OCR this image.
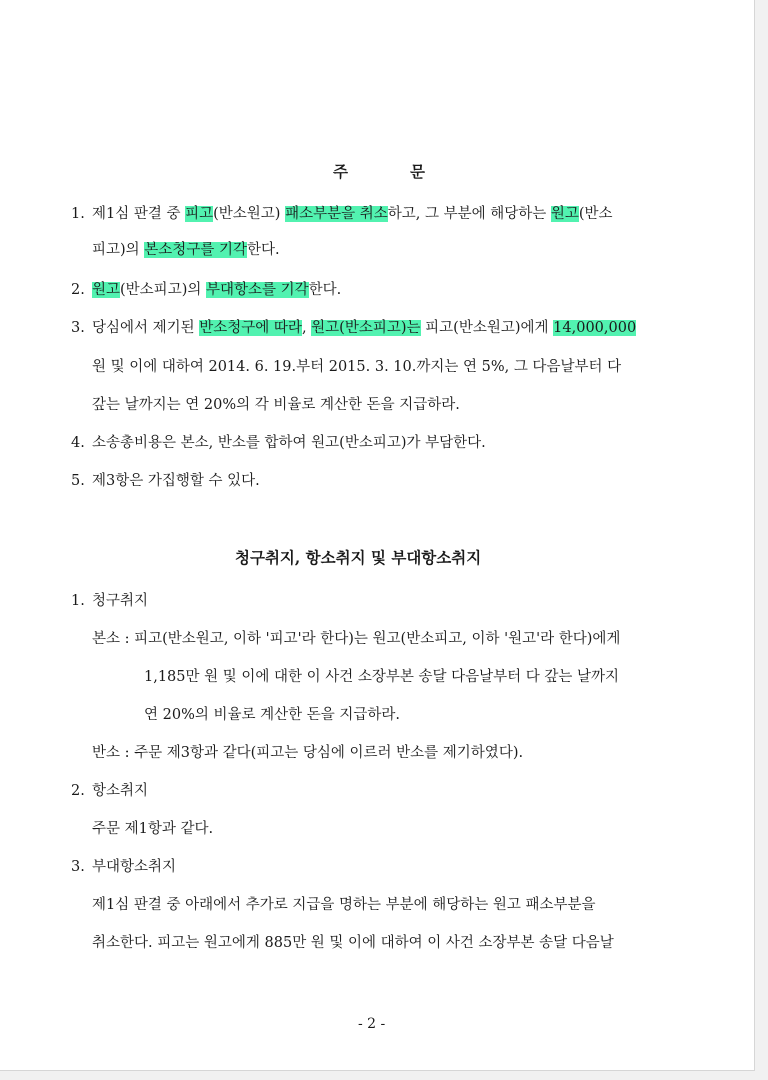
주	문
1. 제1심 판결 중 피고(반소원고) 패소부분을 취소하고, 그 부분에 해당하는 원고(반소
피고)의 본소청구를 기각한다.
2. 원고(반소피고)의 부대항소를 기각한다.
3. 당심에서 제기된 반소청구에 따라, 원고(반소피고)는 피고(반소원고)에게 14,000,000
원 및 이에 대하여 2014. 6. 19.부터 2015. 3. 10.까지는 연 5%, 그 다음날부터 다
갚는 날까지는 연 20%의 각 비율로 계산한 돈을 지급하라.
4. 소송총비용은 본소, 반소를 합하여 원고(반소피고)가 부담한다.
5. 제3항은 가집행할 수 있다.
청구취지, 항소취지 및 부대항소취지
1. 청구취지
본소 : 피고(반소원고, 이하 '피고'라 한다)는 원고(반소피고, 이하 '원고'라 한다)에게
1,185만 원 및 이에 대한 이 사건 소장부본 송달 다음날부터 다 갚는 날까지
연 20%의 비율로 계산한 돈을 지급하라.
반소 : 주문 제3항과 같다(피고는 당심에 이르러 반소를 제기하였다).
2. 항소취지
주문 제1항과 같다.
3. 부대항소취지
제1심 판결 중 아래에서 추가로 지급을 명하는 부분에 해당하는 원고 패소부분을
취소한다. 피고는 원고에게 885만 원 및 이에 대하여 이 사건 소장부본 송달 다음날
- 2 -
